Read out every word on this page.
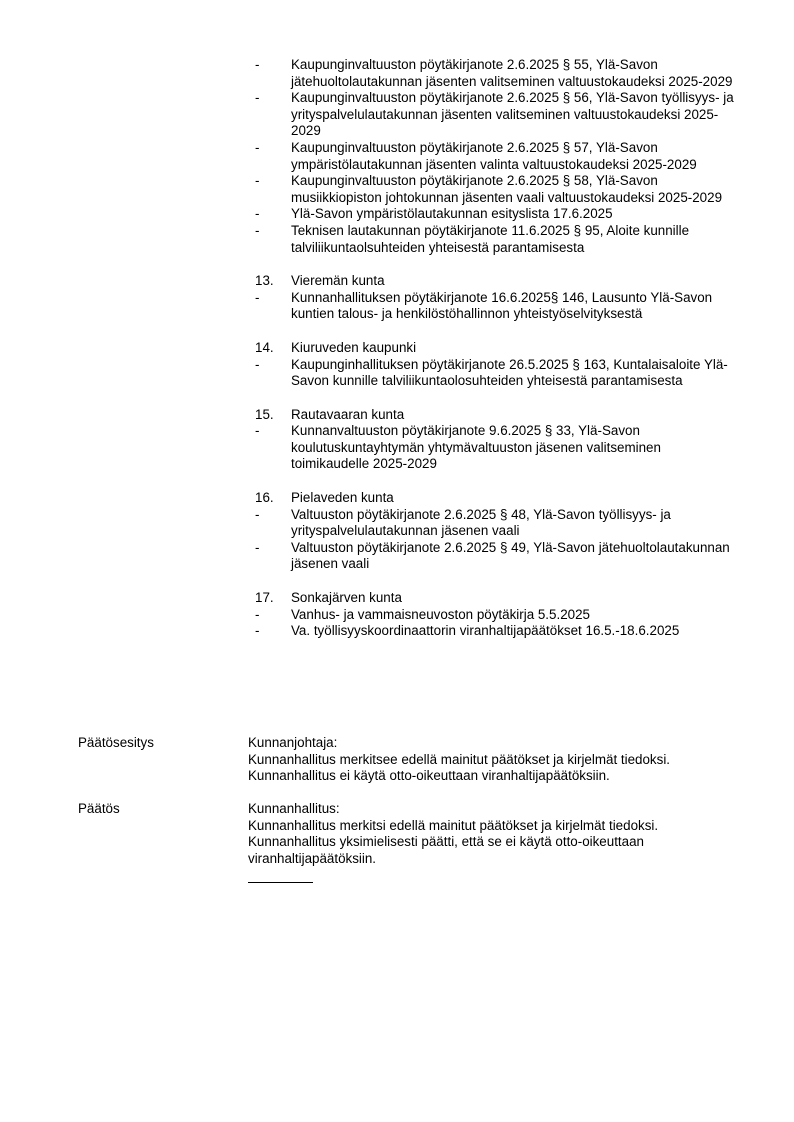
-	Kaupunginvaltuuston pöytäkirjanote 2.6.2025 § 55, Ylä-Savon jätehuoltolautakunnan jäsenten valitseminen valtuustokaudeksi 2025-2029
-	Kaupunginvaltuuston pöytäkirjanote 2.6.2025 § 56, Ylä-Savon työllisyys- ja yrityspalvelulautakunnan jäsenten valitseminen valtuustokaudeksi 2025-2029
-	Kaupunginvaltuuston pöytäkirjanote 2.6.2025 § 57, Ylä-Savon ympäristölautakunnan jäsenten valinta valtuustokaudeksi 2025-2029
-	Kaupunginvaltuuston pöytäkirjanote 2.6.2025 § 58, Ylä-Savon musiikkiopiston johtokunnan jäsenten vaali valtuustokaudeksi 2025-2029
-	Ylä-Savon ympäristölautakunnan esityslista 17.6.2025
-	Teknisen lautakunnan pöytäkirjanote 11.6.2025 § 95, Aloite kunnille talviliikuntaolsuhteiden yhteisestä parantamisesta
13.	Vieremän kunta
-	Kunnanhallituksen pöytäkirjanote 16.6.2025§ 146, Lausunto Ylä-Savon kuntien talous- ja henkilöstöhallinnon yhteistyöselvityksestä
14.	Kiuruveden kaupunki
-	Kaupunginhallituksen pöytäkirjanote 26.5.2025 § 163, Kuntalaisaloite Ylä-Savon kunnille talviliikuntaolosuhteiden yhteisestä parantamisesta
15.	Rautavaaran kunta
-	Kunnanvaltuuston pöytäkirjanote 9.6.2025 § 33, Ylä-Savon koulutuskuntayhtymän yhtymävaltuuston jäsenen valitseminen toimikaudelle 2025-2029
16.	Pielaveden kunta
-	Valtuuston pöytäkirjanote 2.6.2025 § 48, Ylä-Savon työllisyys- ja yrityspalvelulautakunnan jäsenen vaali
-	Valtuuston pöytäkirjanote 2.6.2025 § 49, Ylä-Savon jätehuoltolautakunnan jäsenen vaali
17.	Sonkajärven kunta
-	Vanhus- ja vammaisneuvoston pöytäkirja 5.5.2025
-	Va. työllisyyskoordinaattorin viranhaltijapäätökset 16.5.-18.6.2025
Päätösesitys	Kunnanjohtaja:
Kunnanhallitus merkitsee edellä mainitut päätökset ja kirjelmät tiedoksi.
Kunnanhallitus ei käytä otto-oikeuttaan viranhaltijapäätöksiin.
Päätös	Kunnanhallitus:
Kunnanhallitus merkitsi edellä mainitut päätökset ja kirjelmät tiedoksi.
Kunnanhallitus yksimielisesti päätti, että se ei käytä otto-oikeuttaan viranhaltijapäätöksiin.
